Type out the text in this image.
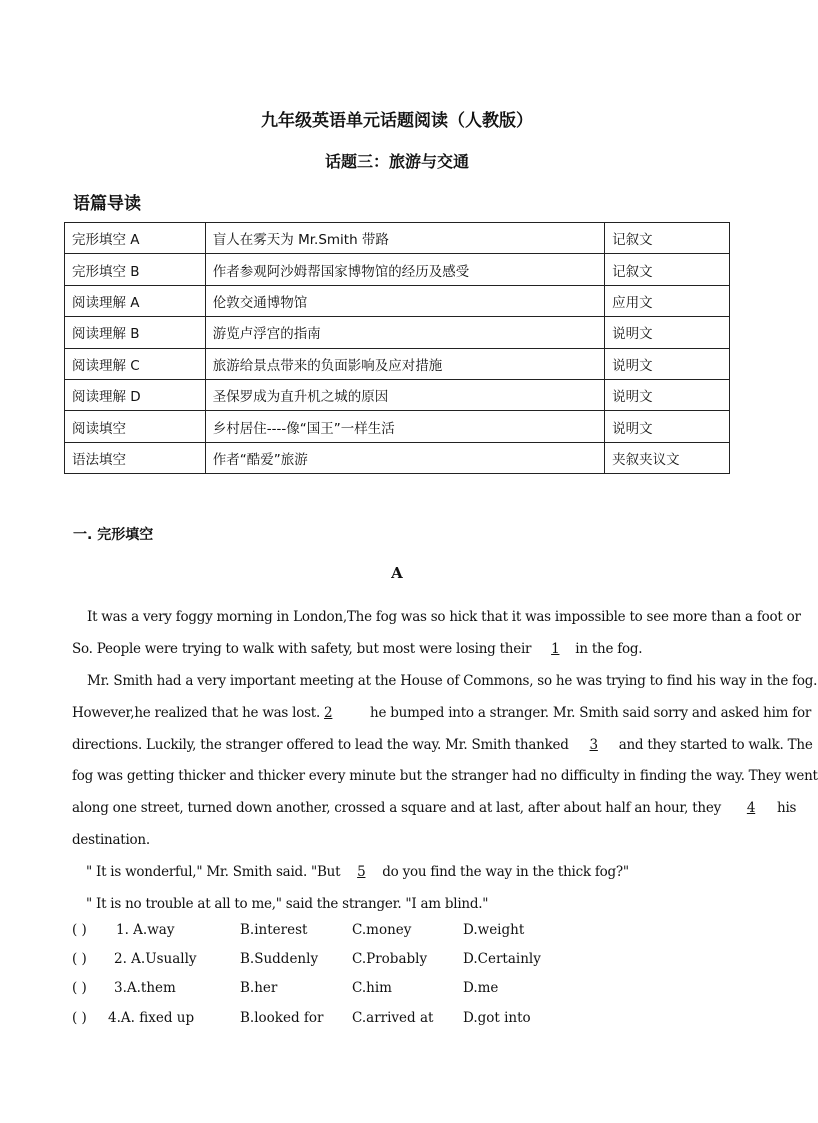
九年级英语单元话题阅读（人教版）
话题三：旅游与交通
语篇导读
完形填空 A	盲人在雾天为 Mr.Smith 带路	记叙文
完形填空 B	作者参观阿沙姆帮国家博物馆的经历及感受	记叙文
阅读理解 A	伦敦交通博物馆	应用文
阅读理解 B	游览卢浮宫的指南	说明文
阅读理解 C	旅游给景点带来的负面影响及应对措施	说明文
阅读理解 D	圣保罗成为直升机之城的原因	说明文
阅读填空	乡村居住----像“国王”一样生活	说明文
语法填空	作者“酷爱”旅游	夹叙夹议文
一. 完形填空
A
It was a very foggy morning in London,The fog was so hick that it was impossible to see more than a foot or
So. People were trying to walk with safety, but most were losing their 1 in the fog.
Mr. Smith had a very important meeting at the House of Commons, so he was trying to find his way in the fog.
However,he realized that he was lost. 2	he bumped into a stranger. Mr. Smith said sorry and asked him for
directions. Luckily, the stranger offered to lead the way. Mr. Smith thanked 3 and they started to walk. The
fog was getting thicker and thicker every minute but the stranger had no difficulty in finding the way. They went
along one street, turned down another, crossed a square and at last, after about half an hour, they 4 his
destination.
" It is wonderful," Mr. Smith said. "But 5 do you find the way in the thick fog?"
" It is no trouble at all to me," said the stranger. "I am blind."
( ) 1. A.way	B.interest	C.money	D.weight
( ) 2. A.Usually	B.Suddenly	C.Probably	D.Certainly
( ) 3.A.them	B.her	C.him	D.me
( ) 4.A. fixed up	B.looked for C.arrived at D.got into
